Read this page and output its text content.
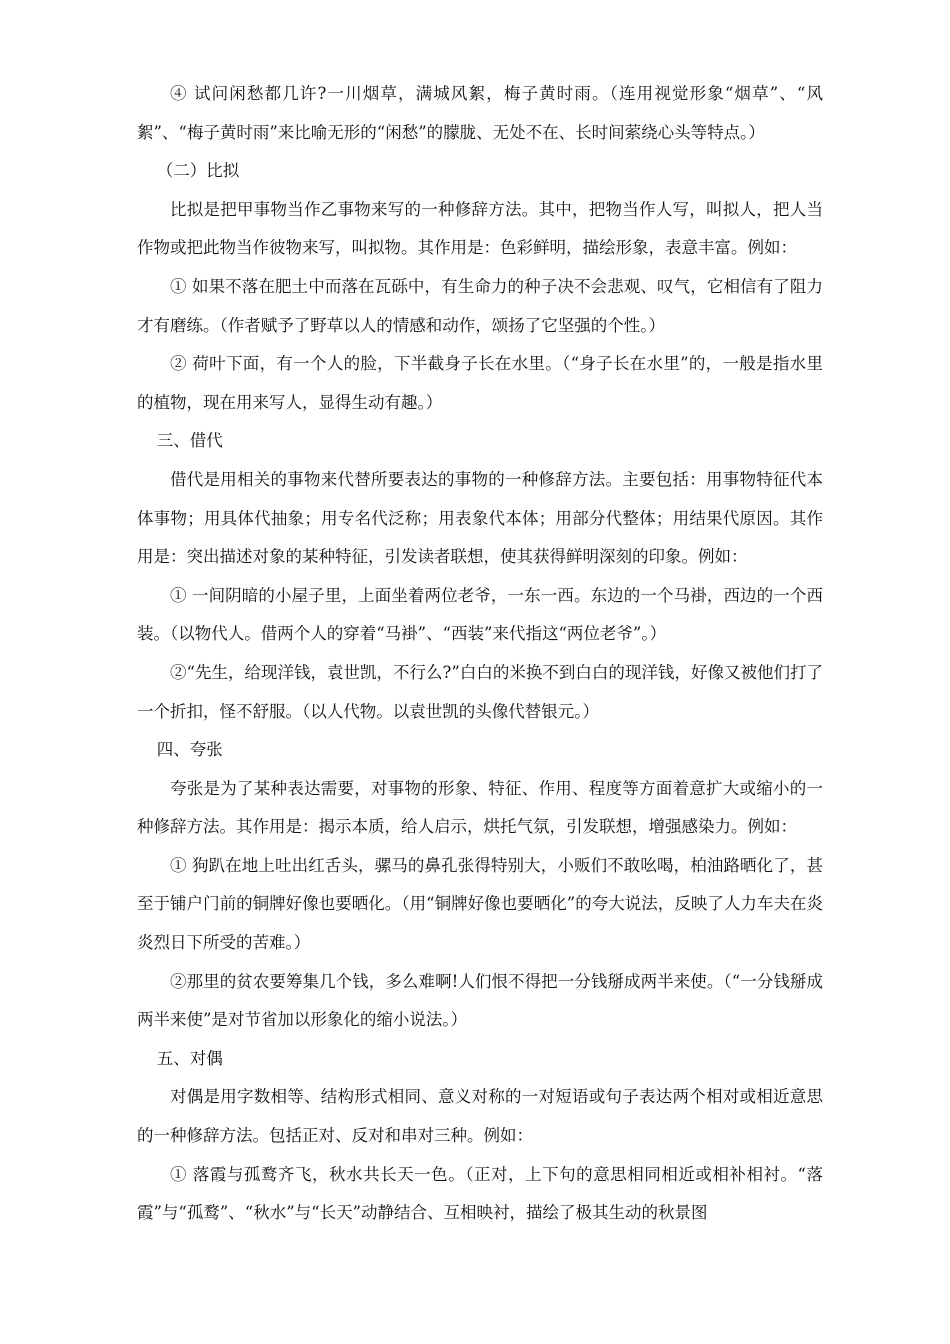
④ 试问闲愁都几许?一川烟草，满城风絮，梅子黄时雨。（连用视觉形象“烟草”、“风絮”、“梅子黄时雨”来比喻无形的“闲愁”的朦胧、无处不在、长时间萦绕心头等特点。）

（二）比拟

比拟是把甲事物当作乙事物来写的一种修辞方法。其中，把物当作人写，叫拟人，把人当作物或把此物当作彼物来写，叫拟物。其作用是：色彩鲜明，描绘形象，表意丰富。例如：

① 如果不落在肥土中而落在瓦砾中，有生命力的种子决不会悲观、叹气，它相信有了阻力才有磨练。（作者赋予了野草以人的情感和动作，颂扬了它坚强的个性。）

② 荷叶下面，有一个人的脸，下半截身子长在水里。（“身子长在水里”的，一般是指水里的植物，现在用来写人，显得生动有趣。）

三、借代

借代是用相关的事物来代替所要表达的事物的一种修辞方法。主要包括：用事物特征代本体事物；用具体代抽象；用专名代泛称；用表象代本体；用部分代整体；用结果代原因。其作用是：突出描述对象的某种特征，引发读者联想，使其获得鲜明深刻的印象。例如：

① 一间阴暗的小屋子里，上面坐着两位老爷，一东一西。东边的一个马褂，西边的一个西装。（以物代人。借两个人的穿着“马褂”、“西装”来代指这“两位老爷”。）

②“先生，给现洋钱，袁世凯，不行么?”白白的米换不到白白的现洋钱，好像又被他们打了一个折扣，怪不舒服。（以人代物。以袁世凯的头像代替银元。）

四、夸张

夸张是为了某种表达需要，对事物的形象、特征、作用、程度等方面着意扩大或缩小的一种修辞方法。其作用是：揭示本质，给人启示，烘托气氛，引发联想，增强感染力。例如：

① 狗趴在地上吐出红舌头，骡马的鼻孔张得特别大，小贩们不敢吆喝，柏油路晒化了，甚至于铺户门前的铜牌好像也要晒化。（用“铜牌好像也要晒化”的夸大说法，反映了人力车夫在炎炎烈日下所受的苦难。）

②那里的贫农要筹集几个钱，多么难啊!人们恨不得把一分钱掰成两半来使。（“一分钱掰成两半来使”是对节省加以形象化的缩小说法。）

五、对偶

对偶是用字数相等、结构形式相同、意义对称的一对短语或句子表达两个相对或相近意思的一种修辞方法。包括正对、反对和串对三种。例如：

① 落霞与孤鹜齐飞，秋水共长天一色。（正对，上下句的意思相同相近或相补相衬。“落霞”与“孤鹜”、“秋水”与“长天”动静结合、互相映衬，描绘了极其生动的秋景图
